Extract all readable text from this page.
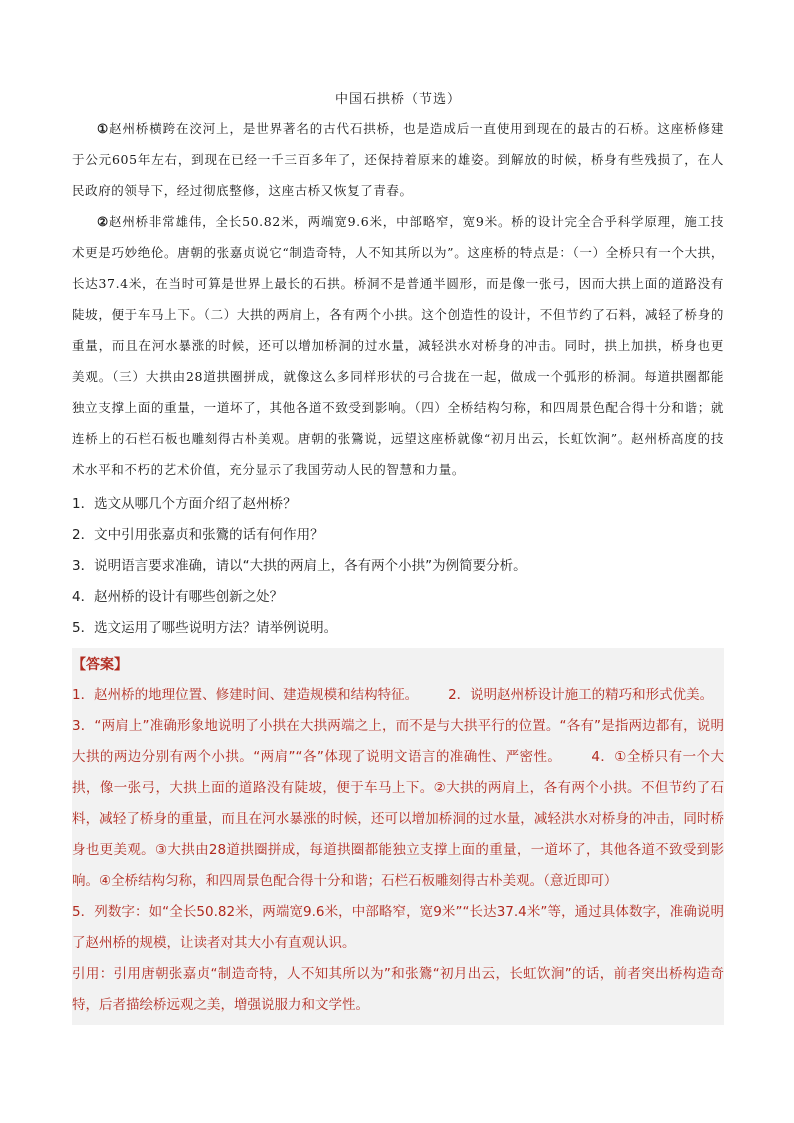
中国石拱桥（节选）

①赵州桥横跨在洨河上，是世界著名的古代石拱桥，也是造成后一直使用到现在的最古的石桥。这座桥修建于公元605年左右，到现在已经一千三百多年了，还保持着原来的雄姿。到解放的时候，桥身有些残损了，在人民政府的领导下，经过彻底整修，这座古桥又恢复了青春。

②赵州桥非常雄伟，全长50.82米，两端宽9.6米，中部略窄，宽9米。桥的设计完全合乎科学原理，施工技术更是巧妙绝伦。唐朝的张嘉贞说它“制造奇特，人不知其所以为”。这座桥的特点是：（一）全桥只有一个大拱，长达37.4米，在当时可算是世界上最长的石拱。桥洞不是普通半圆形，而是像一张弓，因而大拱上面的道路没有陡坡，便于车马上下。（二）大拱的两肩上，各有两个小拱。这个创造性的设计，不但节约了石料，减轻了桥身的重量，而且在河水暴涨的时候，还可以增加桥洞的过水量，减轻洪水对桥身的冲击。同时，拱上加拱，桥身也更美观。（三）大拱由28道拱圈拼成，就像这么多同样形状的弓合拢在一起，做成一个弧形的桥洞。每道拱圈都能独立支撑上面的重量，一道坏了，其他各道不致受到影响。（四）全桥结构匀称，和四周景色配合得十分和谐；就连桥上的石栏石板也雕刻得古朴美观。唐朝的张鷟说，远望这座桥就像“初月出云，长虹饮涧”。赵州桥高度的技术水平和不朽的艺术价值，充分显示了我国劳动人民的智慧和力量。

1．选文从哪几个方面介绍了赵州桥？

2．文中引用张嘉贞和张鷟的话有何作用？

3．说明语言要求准确，请以“大拱的两肩上，各有两个小拱”为例简要分析。

4．赵州桥的设计有哪些创新之处？

5．选文运用了哪些说明方法？请举例说明。

【答案】

1．赵州桥的地理位置、修建时间、建造规模和结构特征。 2．说明赵州桥设计施工的精巧和形式优美。

3．“两肩上”准确形象地说明了小拱在大拱两端之上，而不是与大拱平行的位置。“各有”是指两边都有，说明大拱的两边分别有两个小拱。“两肩”“各”体现了说明文语言的准确性、严密性。 4．①全桥只有一个大拱，像一张弓，大拱上面的道路没有陡坡，便于车马上下。②大拱的两肩上，各有两个小拱。不但节约了石料，减轻了桥身的重量，而且在河水暴涨的时候，还可以增加桥洞的过水量，减轻洪水对桥身的冲击，同时桥身也更美观。③大拱由28道拱圈拼成，每道拱圈都能独立支撑上面的重量，一道坏了，其他各道不致受到影响。④全桥结构匀称，和四周景色配合得十分和谐；石栏石板雕刻得古朴美观。（意近即可）

5．列数字：如“全长50.82米，两端宽9.6米，中部略窄，宽9米”“长达37.4米”等，通过具体数字，准确说明了赵州桥的规模，让读者对其大小有直观认识。

引用：引用唐朝张嘉贞“制造奇特，人不知其所以为”和张鷟“初月出云，长虹饮涧”的话，前者突出桥构造奇特，后者描绘桥远观之美，增强说服力和文学性。
